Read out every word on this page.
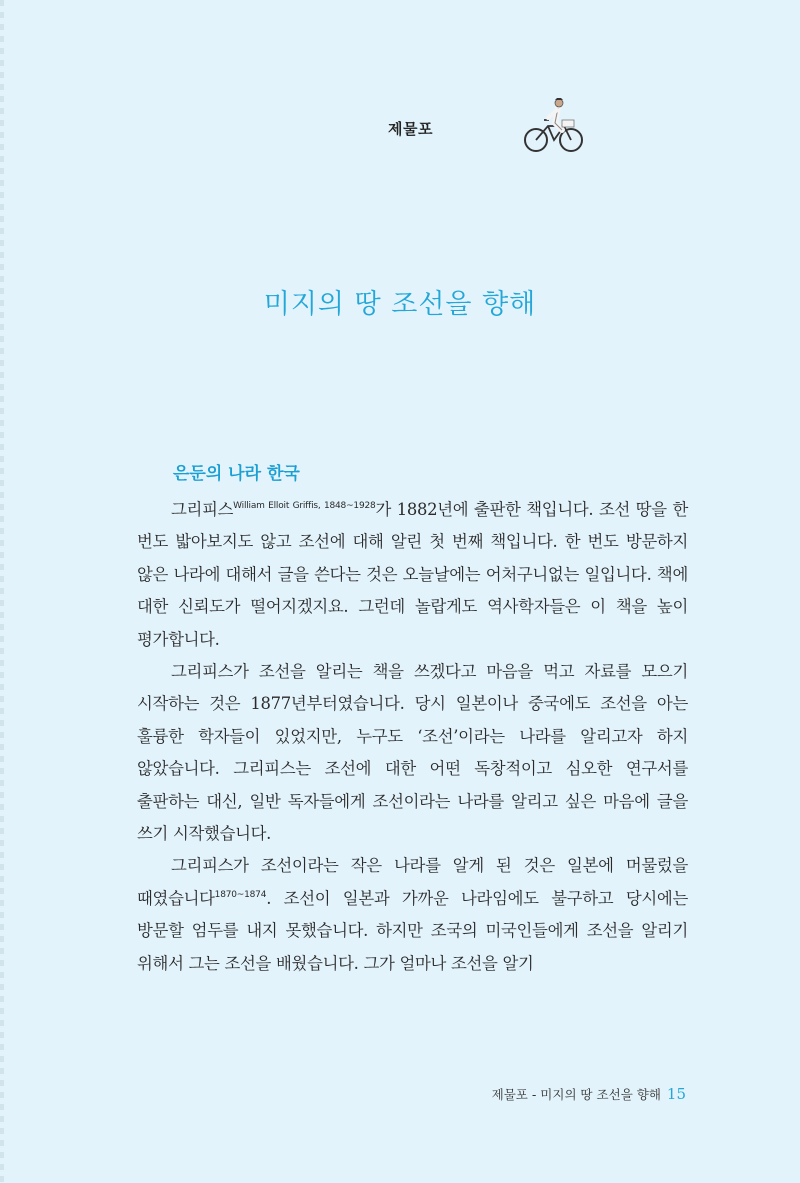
제물포
미지의 땅 조선을 향해
은둔의 나라 한국

그리피스$^{William Elloit Griffis, 1848\sim 1928}$가 1882년에 출판한 책입니다. 조선 땅을 한 번도 밟아보지도 않고 조선에 대해 알린 첫 번째 책입니다. 한 번도 방문하지 않은 나라에 대해서 글을 쓴다는 것은 오늘날에는 어처구니없는 일입니다. 책에 대한 신뢰도가 떨어지겠지요. 그런데 놀랍게도 역사학자들은 이 책을 높이 평가합니다.

그리피스가 조선을 알리는 책을 쓰겠다고 마음을 먹고 자료를 모으기 시작하는 것은 1877년부터였습니다. 당시 일본이나 중국에도 조선을 아는 훌륭한 학자들이 있었지만, 누구도 ‘조선’이라는 나라를 알리고자 하지 않았습니다. 그리피스는 조선에 대한 어떤 독창적이고 심오한 연구서를 출판하는 대신, 일반 독자들에게 조선이라는 나라를 알리고 싶은 마음에 글을 쓰기 시작했습니다.

그리피스가 조선이라는 작은 나라를 알게 된 것은 일본에 머물렀을 때였습니다$^{1870\sim 1874}$. 조선이 일본과 가까운 나라임에도 불구하고 당시에는 방문할 엄두를 내지 못했습니다. 하지만 조국의 미국인들에게 조선을 알리기 위해서 그는 조선을 배웠습니다. 그가 얼마나 조선을 알기

제물포 - 미지의 땅 조선을 향해 15
